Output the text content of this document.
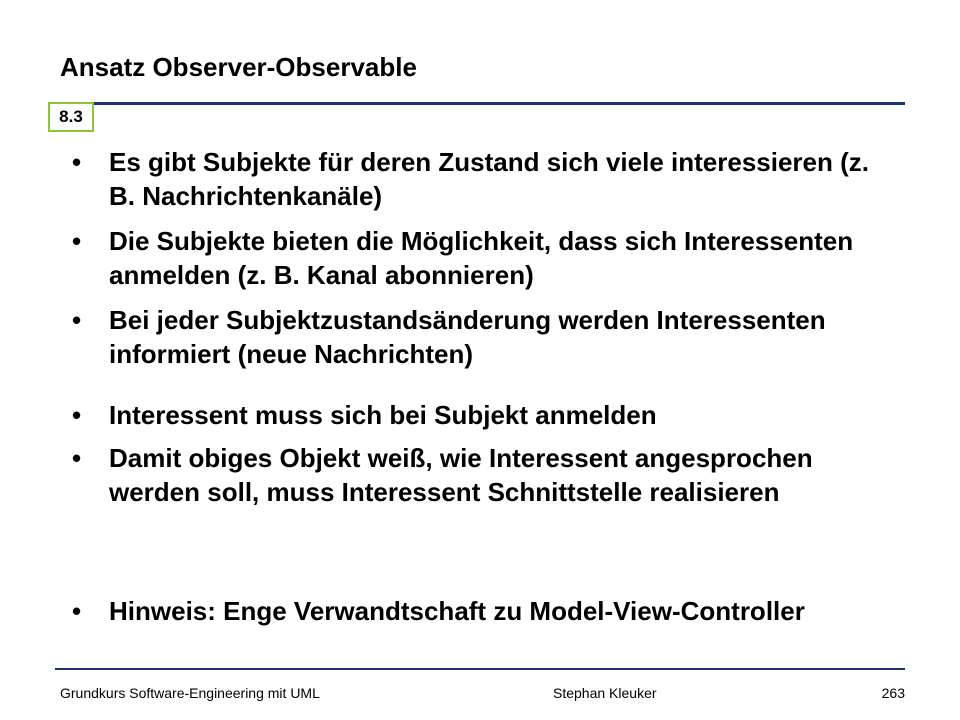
Ansatz Observer-Observable
8.3
• Es gibt Subjekte für deren Zustand sich viele interessieren (z. B. Nachrichtenkanäle)
• Die Subjekte bieten die Möglichkeit, dass sich Interessenten anmelden (z. B. Kanal abonnieren)
• Bei jeder Subjektzustandsänderung werden Interessenten informiert (neue Nachrichten)
• Interessent muss sich bei Subjekt anmelden
• Damit obiges Objekt weiß, wie Interessent angesprochen werden soll, muss Interessent Schnittstelle realisieren
• Hinweis: Enge Verwandtschaft zu Model-View-Controller
Grundkurs Software-Engineering mit UML	Stephan Kleuker	263
